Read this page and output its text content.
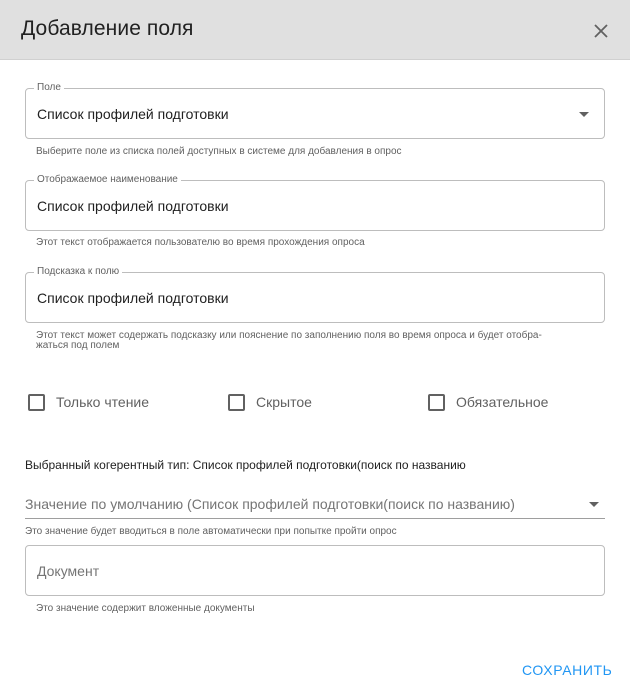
Добавление поля
Поле
Список профилей подготовки
Выберите поле из списка полей доступных в системе для добавления в опрос
Отображаемое наименование
Список профилей подготовки
Этот текст отображается пользователю во время прохождения опроса
Подсказка к полю
Список профилей подготовки
Этот текст может содержать подсказку или пояснение по заполнению поля во время опроса и будет отобра-
жаться под полем
Только чтение	Скрытое	Обязательное
Выбранный когерентный тип: Список профилей подготовки(поиск по названию
Значение по умолчанию (Список профилей подготовки(поиск по названию)
Это значение будет вводиться в поле автоматически при попытке пройти опрос
Документ
Это значение содержит вложенные документы
СОХРАНИТЬ
